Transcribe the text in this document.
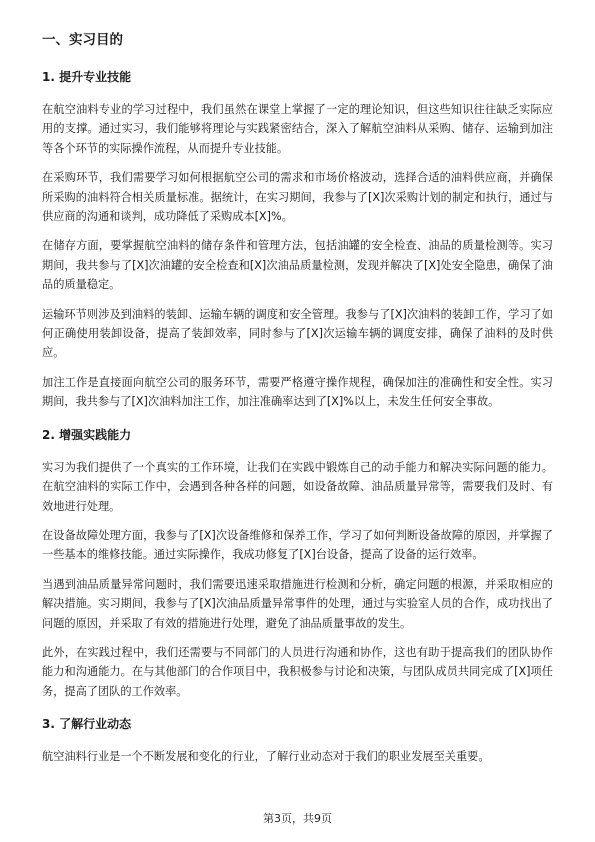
一、实习目的
1. 提升专业技能

在航空油料专业的学习过程中，我们虽然在课堂上掌握了一定的理论知识，但这些知识往往缺乏实际应用的支撑。通过实习，我们能够将理论与实践紧密结合，深入了解航空油料从采购、储存、运输到加注等各个环节的实际操作流程，从而提升专业技能。

在采购环节，我们需要学习如何根据航空公司的需求和市场价格波动，选择合适的油料供应商，并确保所采购的油料符合相关质量标准。据统计，在实习期间，我参与了[X]次采购计划的制定和执行，通过与供应商的沟通和谈判，成功降低了采购成本[X]%。

在储存方面，要掌握航空油料的储存条件和管理方法，包括油罐的安全检查、油品的质量检测等。实习期间，我共参与了[X]次油罐的安全检查和[X]次油品质量检测，发现并解决了[X]处安全隐患，确保了油品的质量稳定。

运输环节则涉及到油料的装卸、运输车辆的调度和安全管理。我参与了[X]次油料的装卸工作，学习了如何正确使用装卸设备，提高了装卸效率，同时参与了[X]次运输车辆的调度安排，确保了油料的及时供应。

加注工作是直接面向航空公司的服务环节，需要严格遵守操作规程，确保加注的准确性和安全性。实习期间，我共参与了[X]次油料加注工作，加注准确率达到了[X]%以上，未发生任何安全事故。

2. 增强实践能力

实习为我们提供了一个真实的工作环境，让我们在实践中锻炼自己的动手能力和解决实际问题的能力。在航空油料的实际工作中，会遇到各种各样的问题，如设备故障、油品质量异常等，需要我们及时、有效地进行处理。

在设备故障处理方面，我参与了[X]次设备维修和保养工作，学习了如何判断设备故障的原因，并掌握了一些基本的维修技能。通过实际操作，我成功修复了[X]台设备，提高了设备的运行效率。

当遇到油品质量异常问题时，我们需要迅速采取措施进行检测和分析，确定问题的根源，并采取相应的解决措施。实习期间，我参与了[X]次油品质量异常事件的处理，通过与实验室人员的合作，成功找出了问题的原因，并采取了有效的措施进行处理，避免了油品质量事故的发生。

此外，在实践过程中，我们还需要与不同部门的人员进行沟通和协作，这也有助于提高我们的团队协作能力和沟通能力。在与其他部门的合作项目中，我积极参与讨论和决策，与团队成员共同完成了[X]项任务，提高了团队的工作效率。

3. 了解行业动态

航空油料行业是一个不断发展和变化的行业，了解行业动态对于我们的职业发展至关重要。

第3页，共9页
